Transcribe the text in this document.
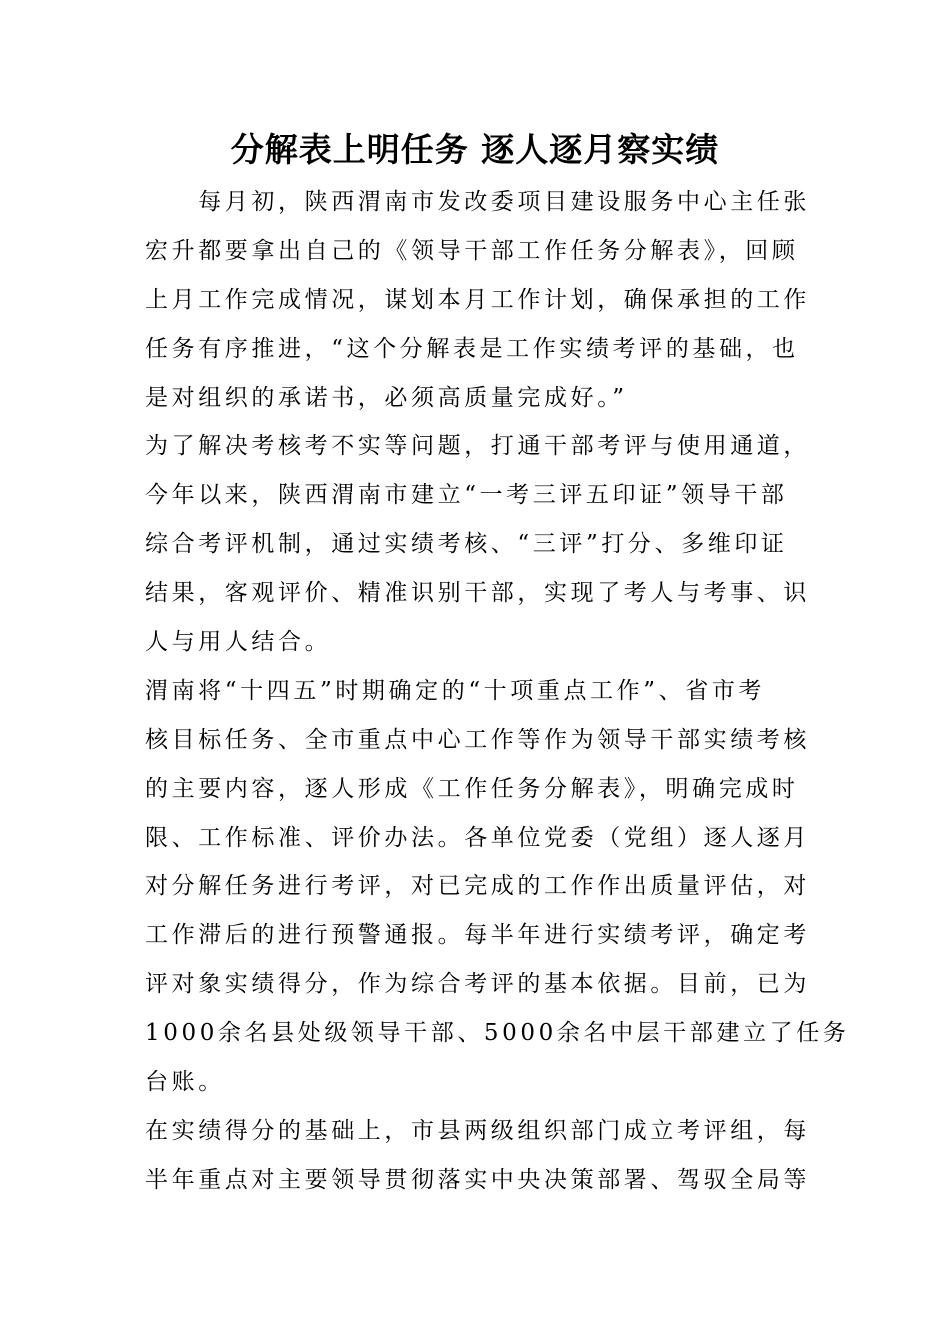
分解表上明任务 逐人逐月察实绩
　　每月初，陕西渭南市发改委项目建设服务中心主任张
宏升都要拿出自己的《领导干部工作任务分解表》，回顾
上月工作完成情况，谋划本月工作计划，确保承担的工作
任务有序推进，“这个分解表是工作实绩考评的基础，也
是对组织的承诺书，必须高质量完成好。”
为了解决考核考不实等问题，打通干部考评与使用通道，
今年以来，陕西渭南市建立“一考三评五印证”领导干部
综合考评机制，通过实绩考核、“三评”打分、多维印证
结果，客观评价、精准识别干部，实现了考人与考事、识
人与用人结合。
渭南将“十四五”时期确定的“十项重点工作”、省市考
核目标任务、全市重点中心工作等作为领导干部实绩考核
的主要内容，逐人形成《工作任务分解表》，明确完成时
限、工作标准、评价办法。各单位党委（党组）逐人逐月
对分解任务进行考评，对已完成的工作作出质量评估，对
工作滞后的进行预警通报。每半年进行实绩考评，确定考
评对象实绩得分，作为综合考评的基本依据。目前，已为
1000余名县处级领导干部、5000余名中层干部建立了任务
台账。
在实绩得分的基础上，市县两级组织部门成立考评组，每
半年重点对主要领导贯彻落实中央决策部署、驾驭全局等
